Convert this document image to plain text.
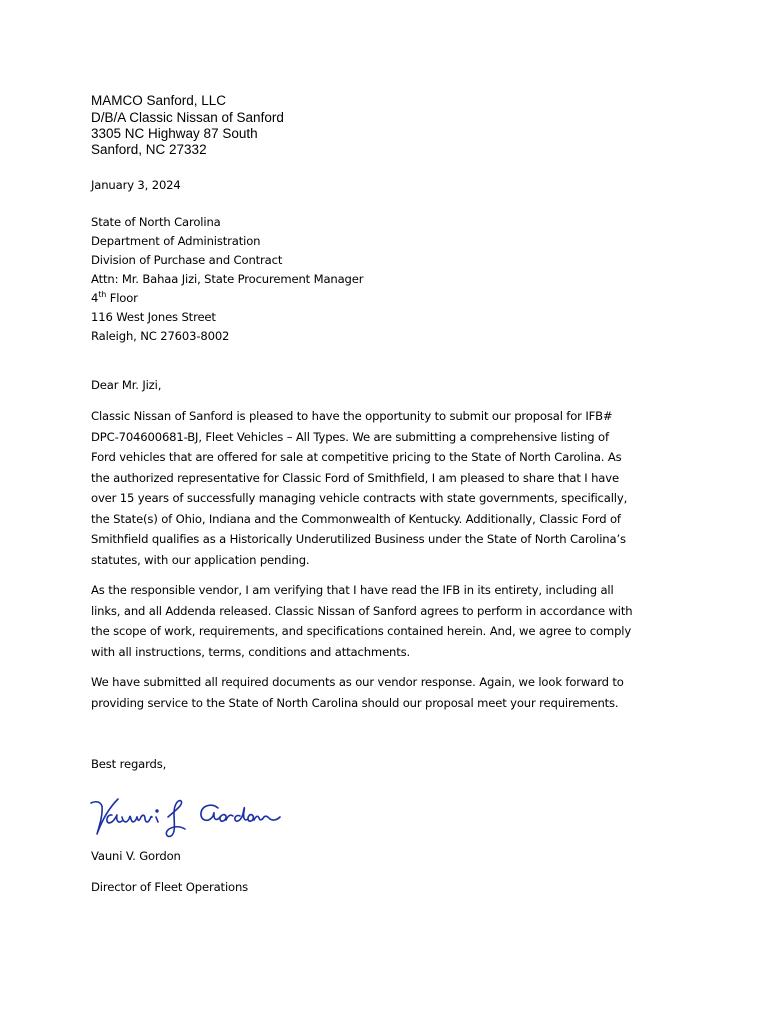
MAMCO Sanford, LLC

D/B/A Classic Nissan of Sanford

3305 NC Highway 87 South

Sanford, NC 27332

January 3, 2024

State of North Carolina

Department of Administration

Division of Purchase and Contract

Attn: Mr. Bahaa Jizi, State Procurement Manager

4th Floor

116 West Jones Street

Raleigh, NC 27603-8002

Dear Mr. Jizi,

Classic Nissan of Sanford is pleased to have the opportunity to submit our proposal for IFB#

DPC-704600681-BJ, Fleet Vehicles – All Types. We are submitting a comprehensive listing of

Ford vehicles that are offered for sale at competitive pricing to the State of North Carolina. As

the authorized representative for Classic Ford of Smithfield, I am pleased to share that I have

over 15 years of successfully managing vehicle contracts with state governments, specifically,

the State(s) of Ohio, Indiana and the Commonwealth of Kentucky. Additionally, Classic Ford of

Smithfield qualifies as a Historically Underutilized Business under the State of North Carolina’s

statutes, with our application pending.

As the responsible vendor, I am verifying that I have read the IFB in its entirety, including all

links, and all Addenda released. Classic Nissan of Sanford agrees to perform in accordance with

the scope of work, requirements, and specifications contained herein. And, we agree to comply

with all instructions, terms, conditions and attachments.

We have submitted all required documents as our vendor response. Again, we look forward to

providing service to the State of North Carolina should our proposal meet your requirements.

Best regards,

Vauni V. Gordon

Director of Fleet Operations
